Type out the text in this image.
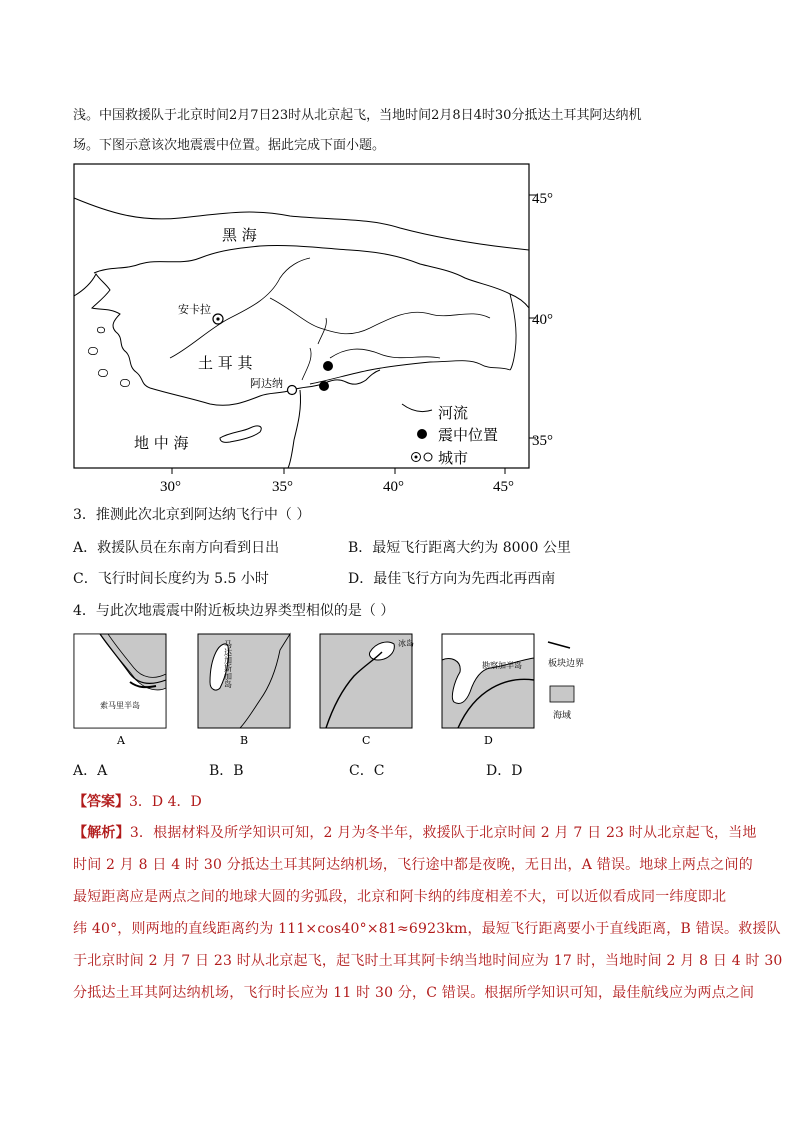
浅。中国救援队于北京时间2月7日23时从北京起飞，当地时间2月8日4时30分抵达土耳其阿达纳机
场。下图示意该次地震震中位置。据此完成下面小题。
安卡拉
阿达纳
黑 海
土 耳 其
地 中 海
45°
40°
35°
30°	35°	40°	45°
河流
震中位置
城市
3．推测此次北京到阿达纳飞行中（ ）
A．救援队员在东南方向看到日出	B．最短飞行距离大约为 8000 公里
C．飞行时间长度约为 5.5 小时	D．最佳飞行方向为先西北再西南
4．与此次地震震中附近板块边界类型相似的是（ ）
索马里半岛
A
马达加斯加岛
B
冰岛
C
勘察加半岛
D
板块边界
海域
A．A	B．B	C．C	D．D
【答案】3．D 4．D
【解析】3．根据材料及所学知识可知，2 月为冬半年，救援队于北京时间 2 月 7 日 23 时从北京起飞，当地
时间 2 月 8 日 4 时 30 分抵达土耳其阿达纳机场，飞行途中都是夜晚，无日出，A 错误。地球上两点之间的
最短距离应是两点之间的地球大圆的劣弧段，北京和阿卡纳的纬度相差不大，可以近似看成同一纬度即北
纬 40°，则两地的直线距离约为 111×cos40°×81≈6923km，最短飞行距离要小于直线距离，B 错误。救援队
于北京时间 2 月 7 日 23 时从北京起飞，起飞时土耳其阿卡纳当地时间应为 17 时，当地时间 2 月 8 日 4 时 30
分抵达土耳其阿达纳机场，飞行时长应为 11 时 30 分，C 错误。根据所学知识可知，最佳航线应为两点之间
